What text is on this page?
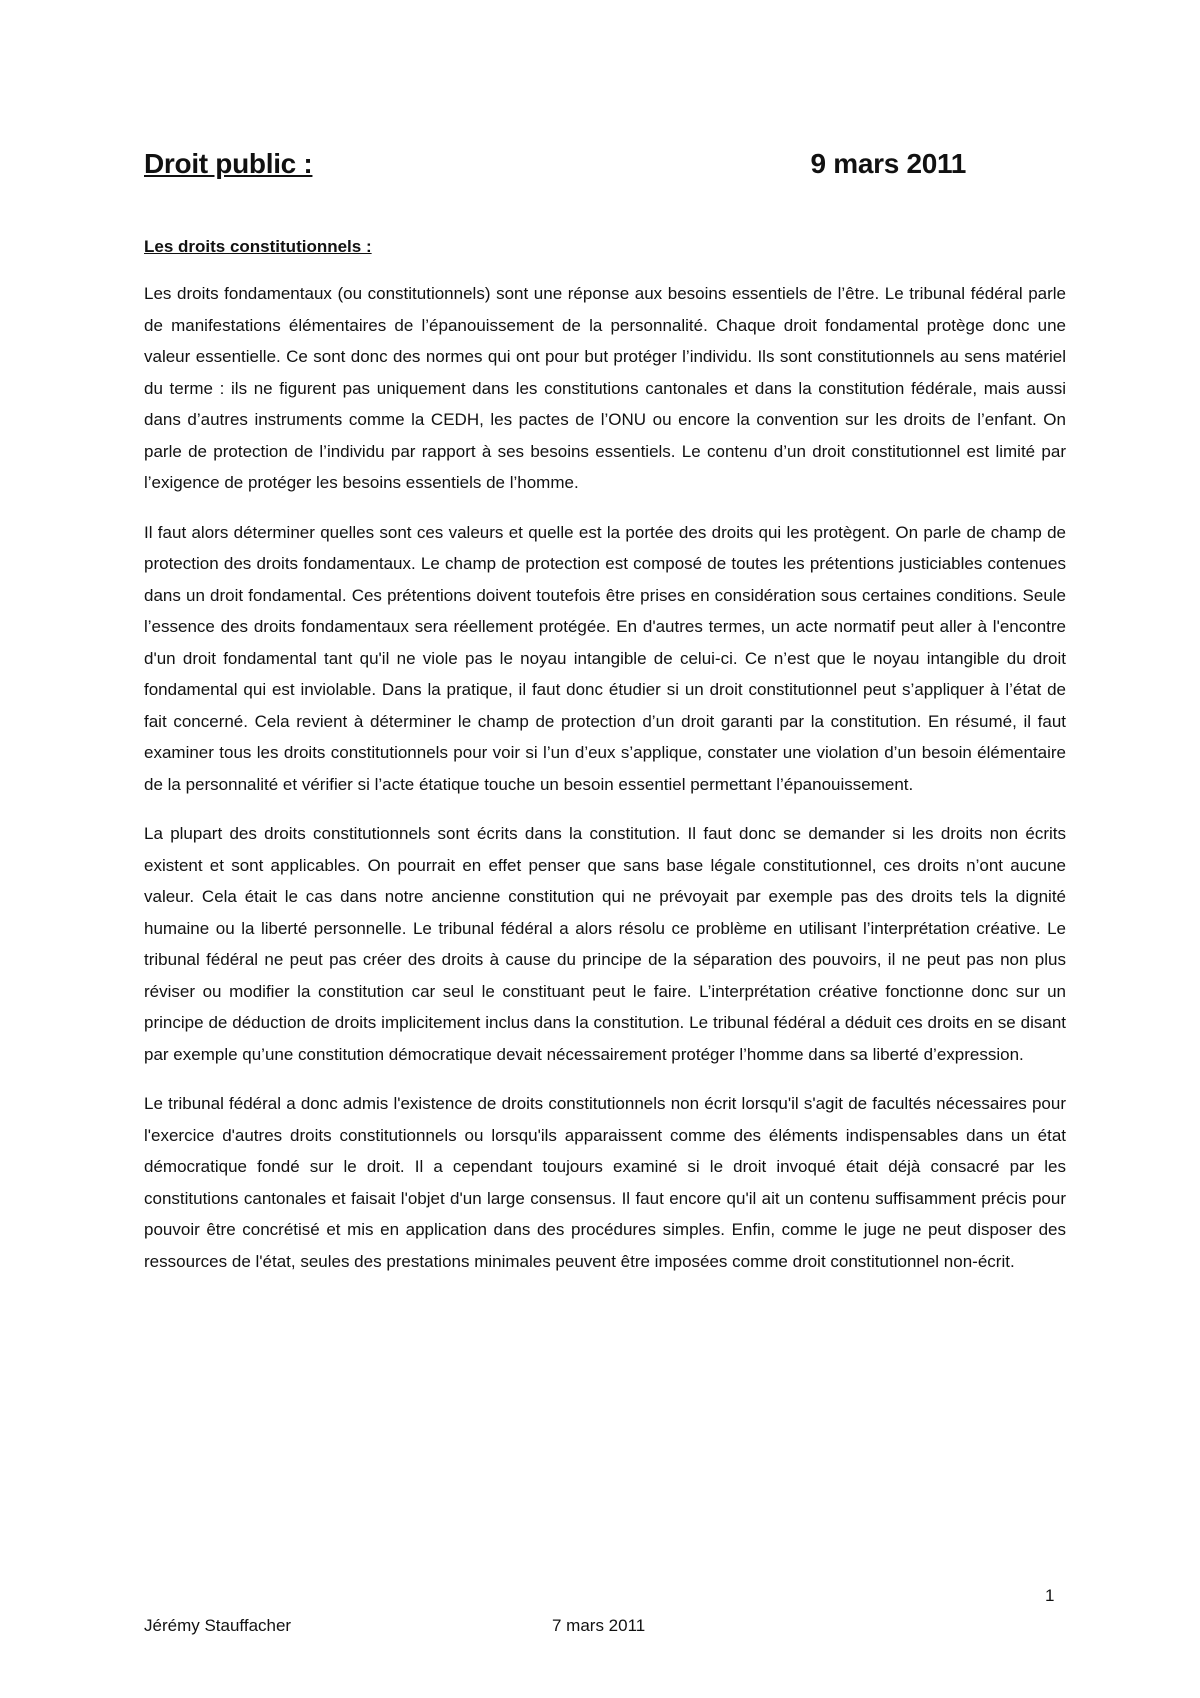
Droit public :	9 mars 2011
Les droits constitutionnels :

Les droits fondamentaux (ou constitutionnels) sont une réponse aux besoins essentiels de l’être. Le tribunal fédéral parle de manifestations élémentaires de l’épanouissement de la personnalité. Chaque droit fondamental protège donc une valeur essentielle. Ce sont donc des normes qui ont pour but protéger l’individu. Ils sont constitutionnels au sens matériel du terme : ils ne figurent pas uniquement dans les constitutions cantonales et dans la constitution fédérale, mais aussi dans d’autres instruments comme la CEDH, les pactes de l’ONU ou encore la convention sur les droits de l’enfant. On parle de protection de l’individu par rapport à ses besoins essentiels. Le contenu d’un droit constitutionnel est limité par l’exigence de protéger les besoins essentiels de l’homme.

Il faut alors déterminer quelles sont ces valeurs et quelle est la portée des droits qui les protègent. On parle de champ de protection des droits fondamentaux. Le champ de protection est composé de toutes les prétentions justiciables contenues dans un droit fondamental. Ces prétentions doivent toutefois être prises en considération sous certaines conditions. Seule l’essence des droits fondamentaux sera réellement protégée. En d'autres termes, un acte normatif peut aller à l'encontre d'un droit fondamental tant qu'il ne viole pas le noyau intangible de celui-ci. Ce n’est que le noyau intangible du droit fondamental qui est inviolable. Dans la pratique, il faut donc étudier si un droit constitutionnel peut s’appliquer à l’état de fait concerné. Cela revient à déterminer le champ de protection d’un droit garanti par la constitution. En résumé, il faut examiner tous les droits constitutionnels pour voir si l’un d’eux s’applique, constater une violation d’un besoin élémentaire de la personnalité et vérifier si l’acte étatique touche un besoin essentiel permettant l’épanouissement.

La plupart des droits constitutionnels sont écrits dans la constitution. Il faut donc se demander si les droits non écrits existent et sont applicables. On pourrait en effet penser que sans base légale constitutionnel, ces droits n’ont aucune valeur. Cela était le cas dans notre ancienne constitution qui ne prévoyait par exemple pas des droits tels la dignité humaine ou la liberté personnelle. Le tribunal fédéral a alors résolu ce problème en utilisant l’interprétation créative. Le tribunal fédéral ne peut pas créer des droits à cause du principe de la séparation des pouvoirs, il ne peut pas non plus réviser ou modifier la constitution car seul le constituant peut le faire. L’interprétation créative fonctionne donc sur un principe de déduction de droits implicitement inclus dans la constitution. Le tribunal fédéral a déduit ces droits en se disant par exemple qu’une constitution démocratique devait nécessairement protéger l’homme dans sa liberté d’expression.

Le tribunal fédéral a donc admis l'existence de droits constitutionnels non écrit lorsqu'il s'agit de facultés nécessaires pour l'exercice d'autres droits constitutionnels ou lorsqu'ils apparaissent comme des éléments indispensables dans un état démocratique fondé sur le droit. Il a cependant toujours examiné si le droit invoqué était déjà consacré par les constitutions cantonales et faisait l'objet d'un large consensus. Il faut encore qu'il ait un contenu suffisamment précis pour pouvoir être concrétisé et mis en application dans des procédures simples. Enfin, comme le juge ne peut disposer des ressources de l'état, seules des prestations minimales peuvent être imposées comme droit constitutionnel non-écrit.

1
Jérémy Stauffacher	7 mars 2011
